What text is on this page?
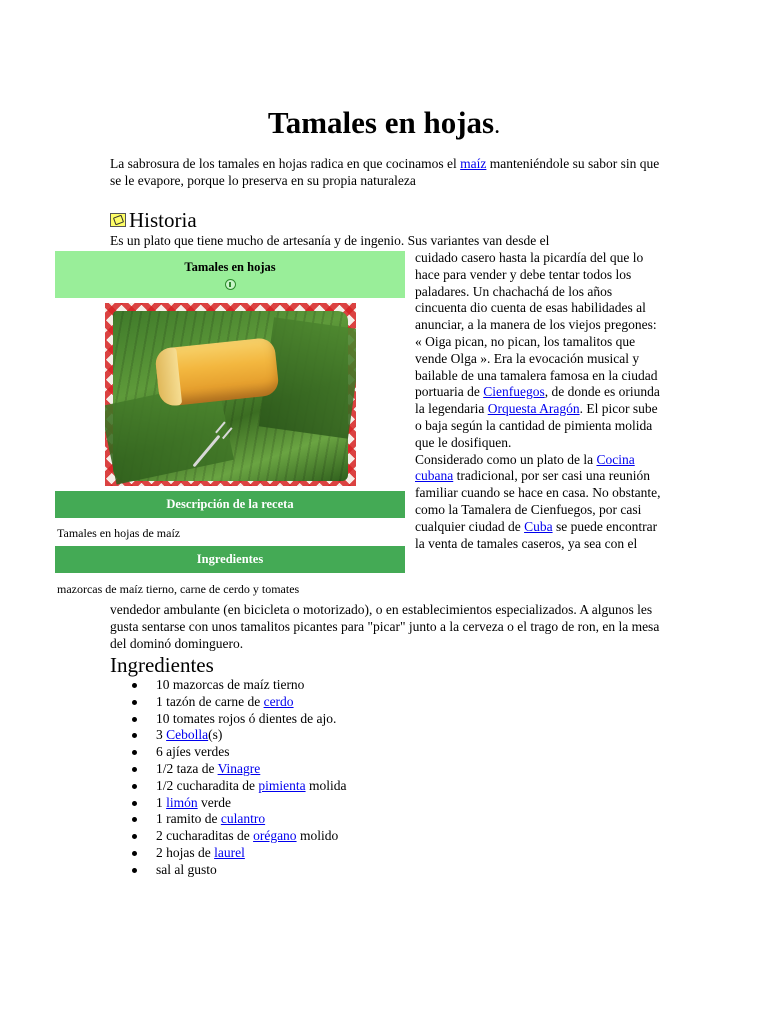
Tamales en hojas.

La sabrosura de los tamales en hojas radica en que cocinamos el maíz manteniéndole su sabor sin que se le evapore, porque lo preserva en su propia naturaleza

Historia
Es un plato que tiene mucho de artesanía y de ingenio. Sus variantes van desde el
Tamales en hojas
Descripción de la receta
Tamales en hojas de maíz
Ingredientes
mazorcas de maíz tierno, carne de cerdo y tomates
cuidado casero hasta la picardía del que lo hace para vender y debe tentar todos los paladares. Un chachachá de los años cincuenta dio cuenta de esas habilidades al anunciar, a la manera de los viejos pregones: « Oiga pican, no pican, los tamalitos que vende Olga ». Era la evocación musical y bailable de una tamalera famosa en la ciudad portuaria de Cienfuegos, de donde es oriunda la legendaria Orquesta Aragón. El picor sube o baja según la cantidad de pimienta molida que le dosifiquen.
Considerado como un plato de la Cocina cubana tradicional, por ser casi una reunión familiar cuando se hace en casa. No obstante, como la Tamalera de Cienfuegos, por casi cualquier ciudad de Cuba se puede encontrar la venta de tamales caseros, ya sea con el
vendedor ambulante (en bicicleta o motorizado), o en establecimientos especializados. A algunos les gusta sentarse con unos tamalitos picantes para "picar" junto a la cerveza o el trago de ron, en la mesa del dominó dominguero.
Ingredientes
10 mazorcas de maíz tierno
1 tazón de carne de cerdo
10 tomates rojos ó dientes de ajo.
3 Cebolla(s)
6 ajíes verdes
1/2 taza de Vinagre
1/2 cucharadita de pimienta molida
1 limón verde
1 ramito de culantro
2 cucharaditas de orégano molido
2 hojas de laurel
sal al gusto
